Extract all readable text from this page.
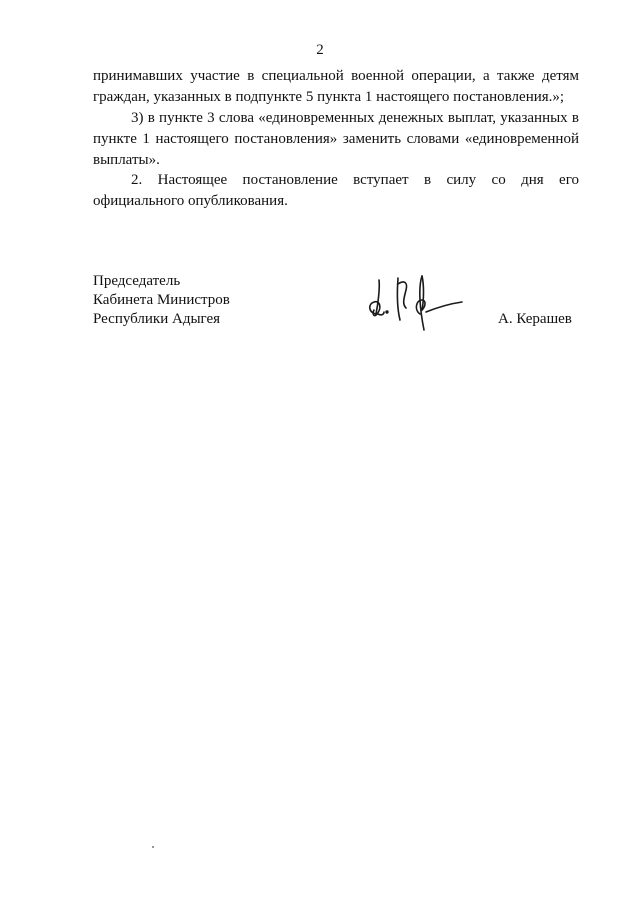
2

принимавших участие в специальной военной операции, а также детям граждан, указанных в подпункте 5 пункта 1 настоящего постановления.»;

3) в пункте 3 слова «единовременных денежных выплат, указанных в пункте 1 настоящего постановления» заменить словами «единовременной выплаты».

2. Настоящее постановление вступает в силу со дня его официального опубликования.

Председатель
Кабинета Министров
Республики Адыгея	А. Керашев
